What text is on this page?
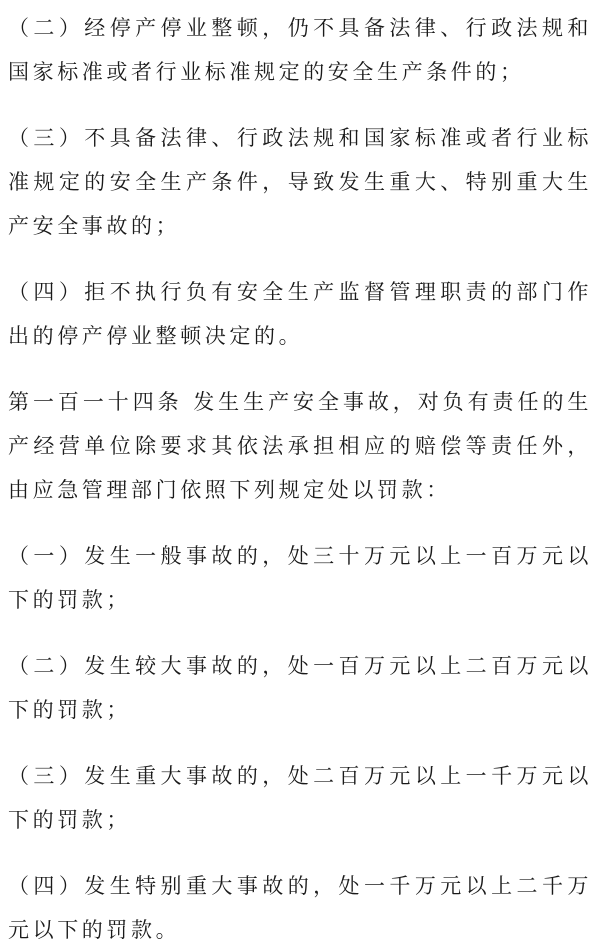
（二）经停产停业整顿，仍不具备法律、行政法规和国家标准或者行业标准规定的安全生产条件的；

（三）不具备法律、行政法规和国家标准或者行业标准规定的安全生产条件，导致发生重大、特别重大生产安全事故的；

（四）拒不执行负有安全生产监督管理职责的部门作出的停产停业整顿决定的。

第一百一十四条 发生生产安全事故，对负有责任的生产经营单位除要求其依法承担相应的赔偿等责任外，由应急管理部门依照下列规定处以罚款：

（一）发生一般事故的，处三十万元以上一百万元以下的罚款；

（二）发生较大事故的，处一百万元以上二百万元以下的罚款；

（三）发生重大事故的，处二百万元以上一千万元以下的罚款；

（四）发生特别重大事故的，处一千万元以上二千万元以下的罚款。
